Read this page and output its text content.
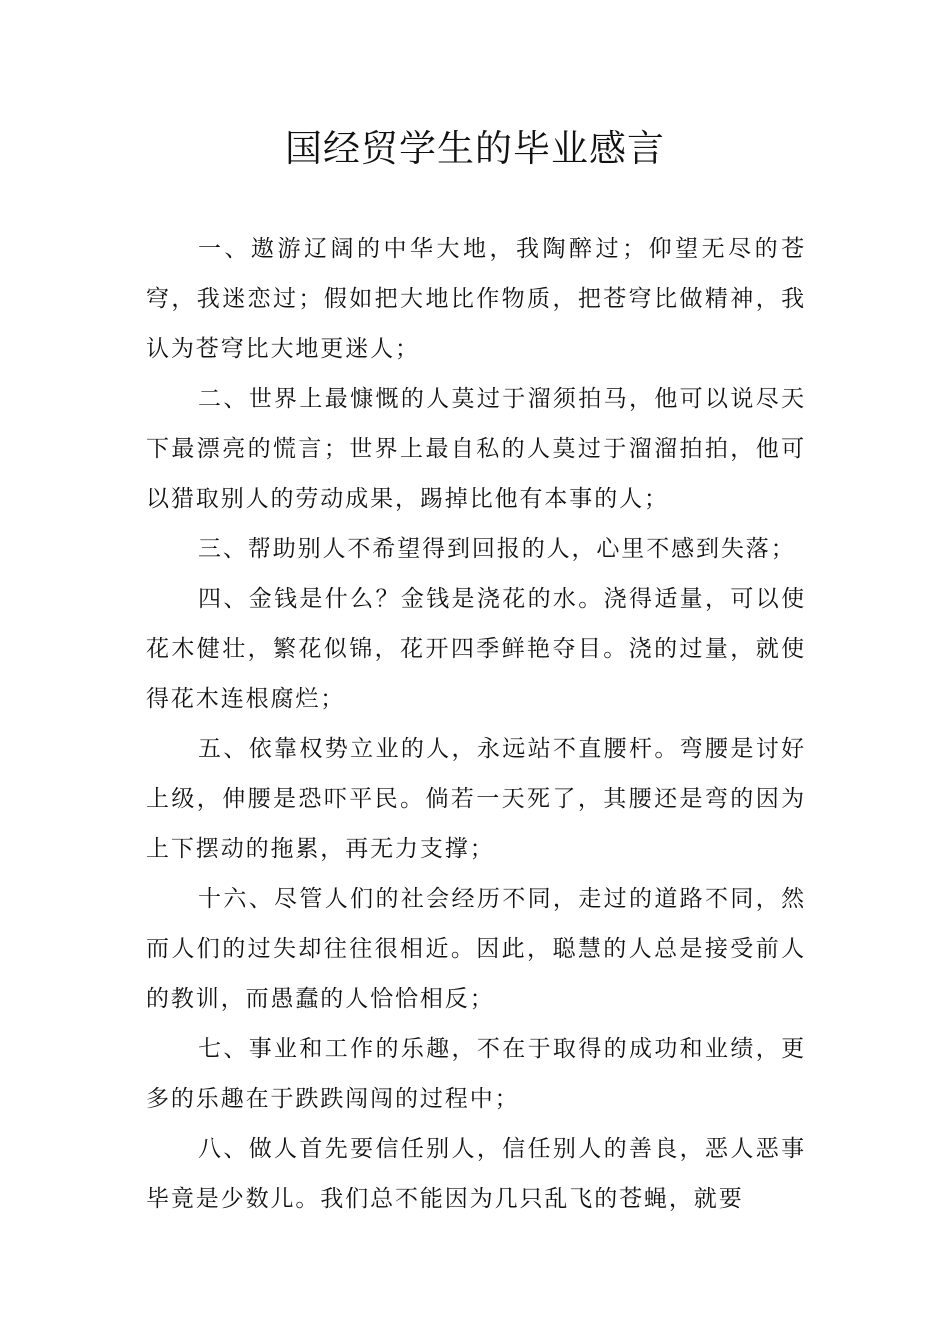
国经贸学生的毕业感言

一、遨游辽阔的中华大地，我陶醉过；仰望无尽的苍穹，我迷恋过；假如把大地比作物质，把苍穹比做精神，我认为苍穹比大地更迷人；

二、世界上最慷慨的人莫过于溜须拍马，他可以说尽天下最漂亮的慌言；世界上最自私的人莫过于溜溜拍拍，他可以猎取别人的劳动成果，踢掉比他有本事的人；

三、帮助别人不希望得到回报的人，心里不感到失落；

四、金钱是什么？金钱是浇花的水。浇得适量，可以使花木健壮，繁花似锦，花开四季鲜艳夺目。浇的过量，就使得花木连根腐烂；

五、依靠权势立业的人，永远站不直腰杆。弯腰是讨好上级，伸腰是恐吓平民。倘若一天死了，其腰还是弯的因为上下摆动的拖累，再无力支撑；

十六、尽管人们的社会经历不同，走过的道路不同，然而人们的过失却往往很相近。因此，聪慧的人总是接受前人的教训，而愚蠢的人恰恰相反；

七、事业和工作的乐趣，不在于取得的成功和业绩，更多的乐趣在于跌跌闯闯的过程中；

八、做人首先要信任别人，信任别人的善良，恶人恶事毕竟是少数儿。我们总不能因为几只乱飞的苍蝇，就要
